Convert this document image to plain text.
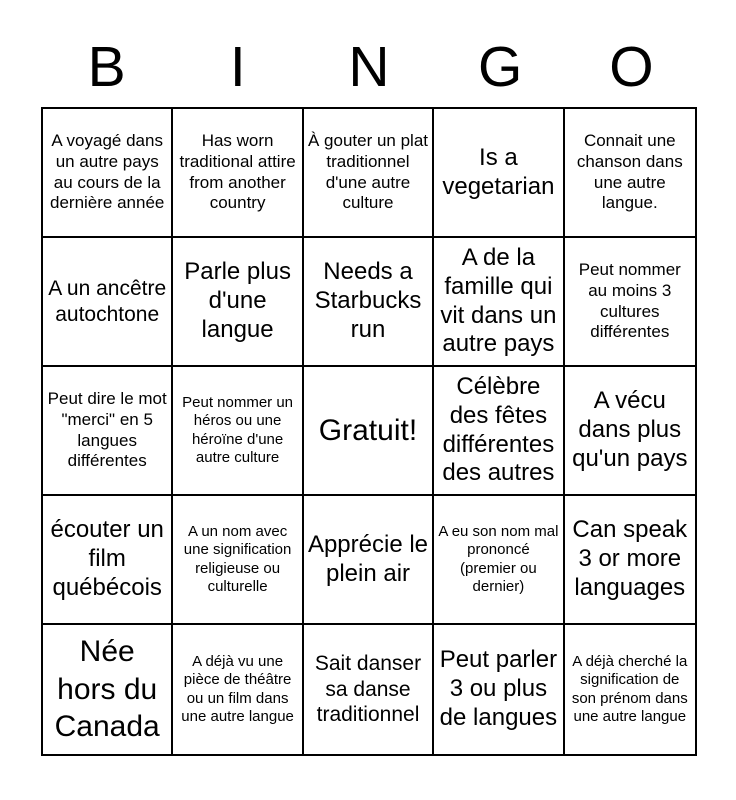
B	I	N	G	O
A voyagé dans un autre pays au cours de la dernière année
Has worn traditional attire from another country
À gouter un plat traditionnel d'une autre culture
Is a vegetarian
Connait une chanson dans une autre langue.
A un ancêtre autochtone
Parle plus d'une langue
Needs a Starbucks run
A de la famille qui vit dans un autre pays
Peut nommer au moins 3 cultures différentes
Peut dire le mot "merci" en 5 langues différentes
Peut nommer un héros ou une héroïne d'une autre culture
Gratuit!
Célèbre des fêtes différentes des autres
A vécu dans plus qu'un pays
écouter un film québécois
A un nom avec une signification religieuse ou culturelle
Apprécie le plein air
A eu son nom mal prononcé (premier ou dernier)
Can speak 3 or more languages
Née hors du Canada
A déjà vu une pièce de théâtre ou un film dans une autre langue
Sait danser sa danse traditionnel
Peut parler 3 ou plus de langues
A déjà cherché la signification de son prénom dans une autre langue
